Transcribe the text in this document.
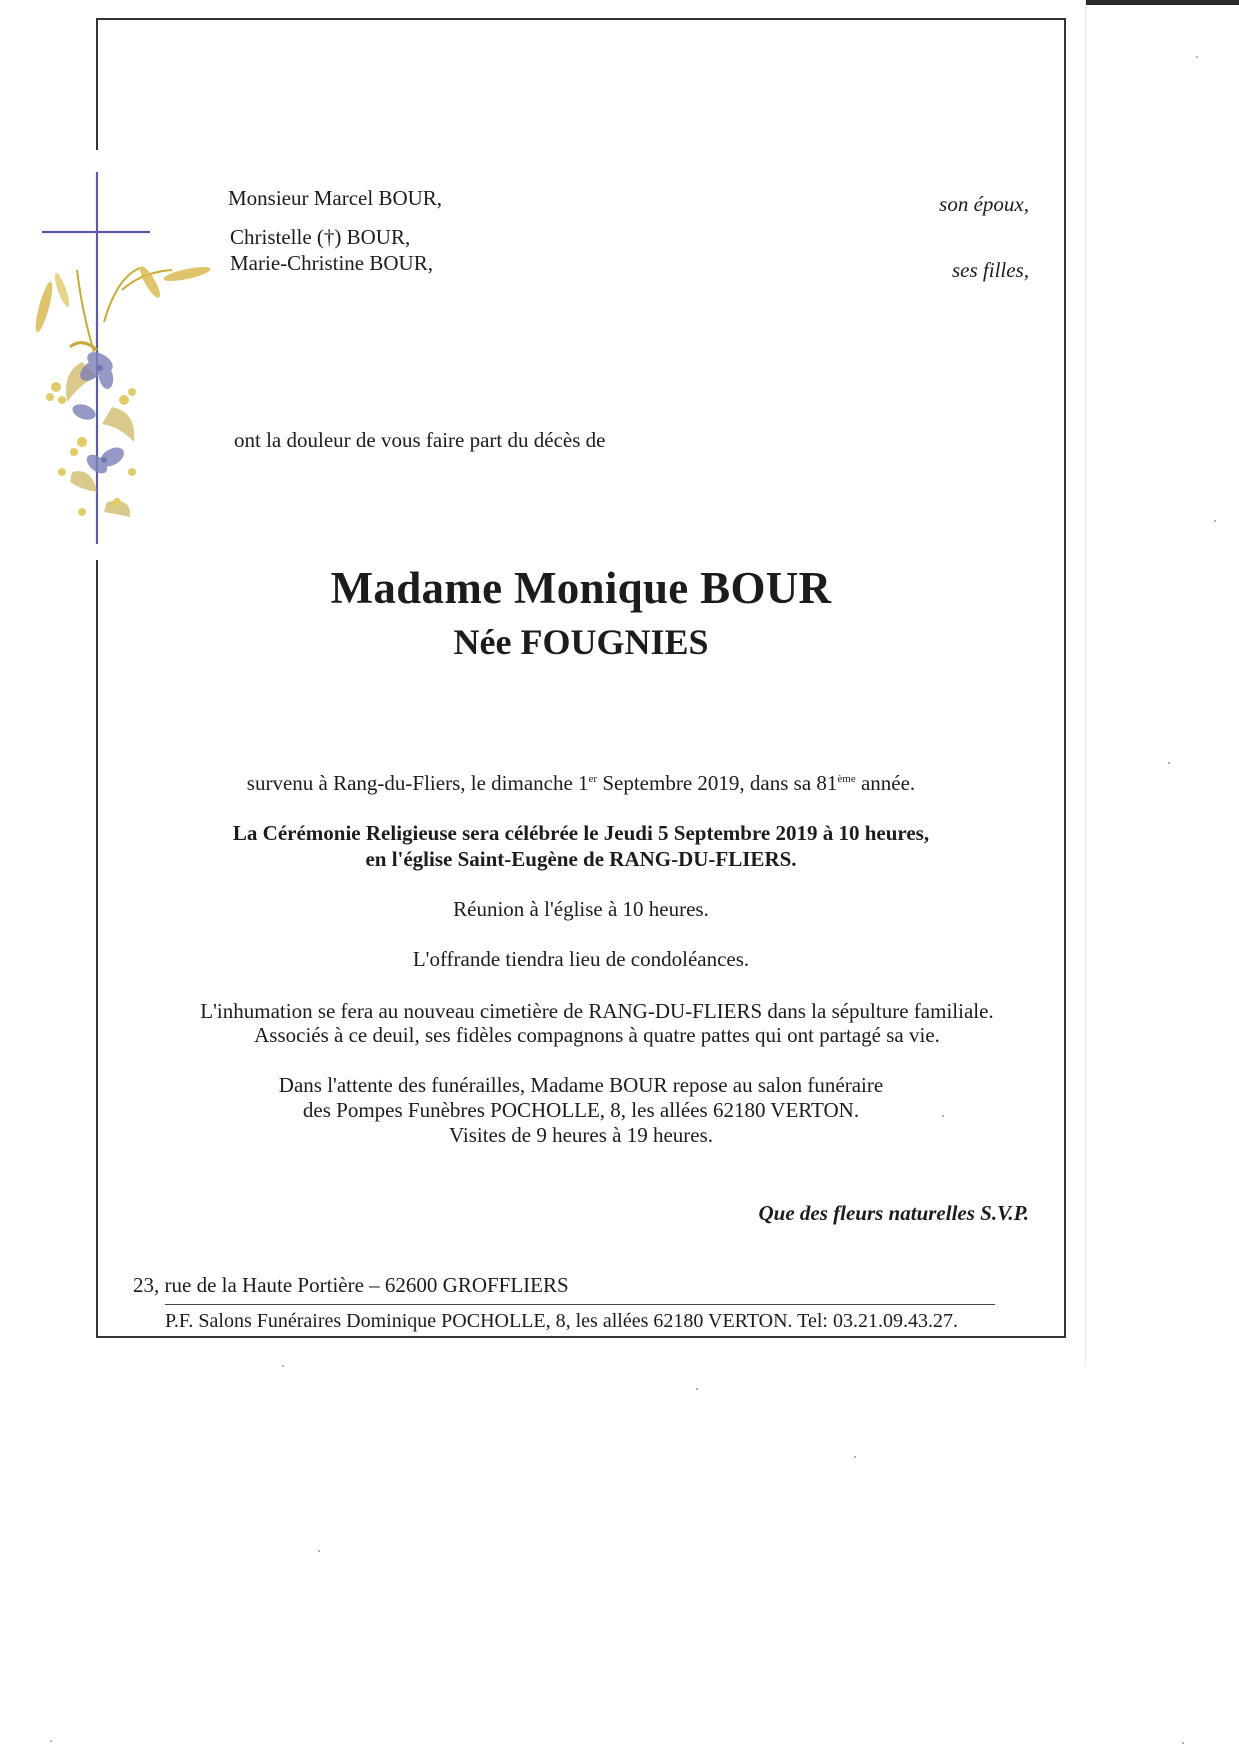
Monsieur Marcel BOUR,	son époux,
Christelle (†) BOUR,
Marie-Christine BOUR,	ses filles,
ont la douleur de vous faire part du décès de
Madame Monique BOUR
Née FOUGNIES
survenu à Rang-du-Fliers, le dimanche 1er Septembre 2019, dans sa 81ème année.
La Cérémonie Religieuse sera célébrée le Jeudi 5 Septembre 2019 à 10 heures,
en l'église Saint-Eugène de RANG-DU-FLIERS.
Réunion à l'église à 10 heures.
L'offrande tiendra lieu de condoléances.
L'inhumation se fera au nouveau cimetière de RANG-DU-FLIERS dans la sépulture familiale.
Associés à ce deuil, ses fidèles compagnons à quatre pattes qui ont partagé sa vie.
Dans l'attente des funérailles, Madame BOUR repose au salon funéraire
des Pompes Funèbres POCHOLLE, 8, les allées 62180 VERTON.
Visites de 9 heures à 19 heures.
Que des fleurs naturelles S.V.P.
23, rue de la Haute Portière – 62600 GROFFLIERS
P.F. Salons Funéraires Dominique POCHOLLE, 8, les allées 62180 VERTON. Tel: 03.21.09.43.27.
